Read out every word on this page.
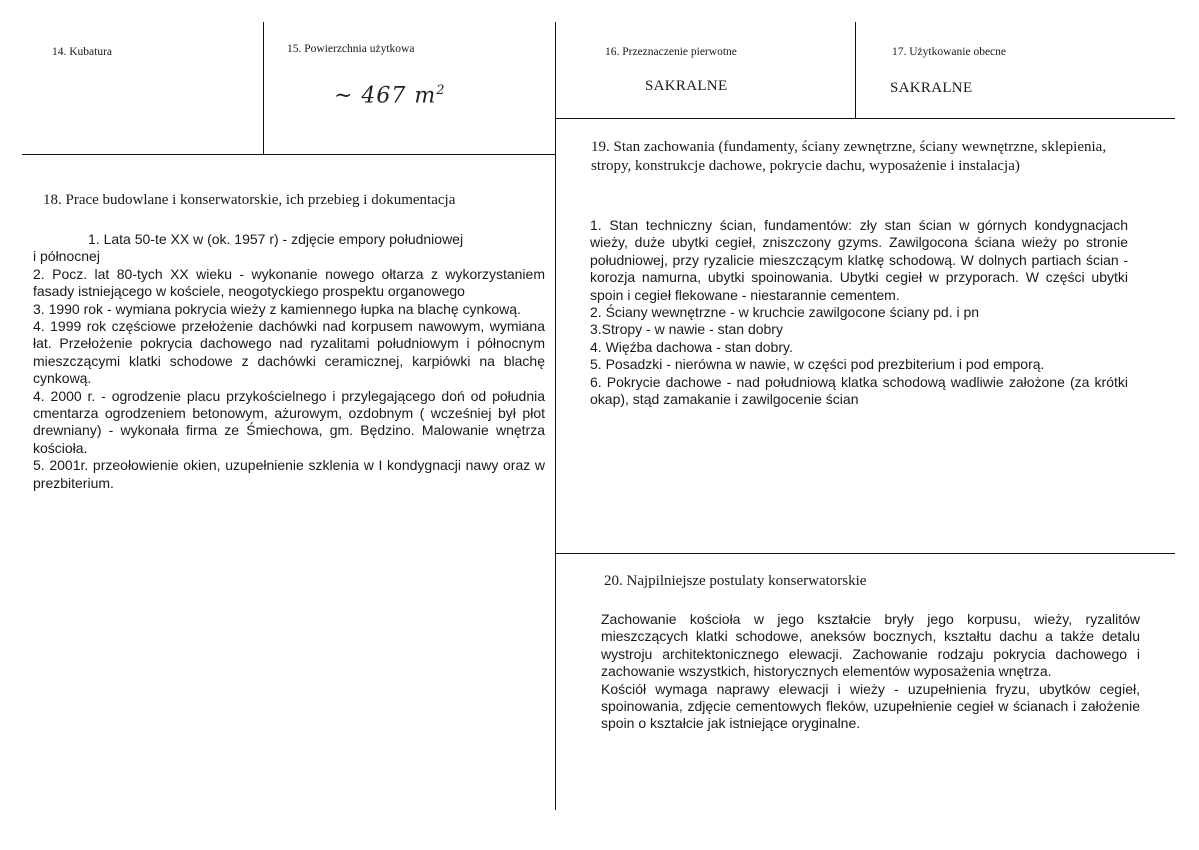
14. Kubatura	15. Powierzchnia użytkowa
~ 467 $m^2$
16. Przeznaczenie pierwotne
SAKRALNE
17. Użytkowanie obecne
SAKRALNE
18. Prace budowlane i konserwatorskie, ich przebieg i dokumentacja

1. Lata 50-te XX w (ok. 1957 r) - zdjęcie empory południowej

i północnej

2. Pocz. lat 80-tych XX wieku - wykonanie nowego ołtarza z wykorzystaniem fasady istniejącego w kościele, neogotyckiego prospektu organowego

3. 1990 rok - wymiana pokrycia wieży z kamiennego łupka na blachę cynkową.

4. 1999 rok częściowe przełożenie dachówki nad korpusem nawowym, wymiana łat. Przełożenie pokrycia dachowego nad ryzalitami południowym i północnym mieszczącymi klatki schodowe z dachówki ceramicznej, karpiówki na blachę cynkową.

4. 2000 r. - ogrodzenie placu przykościelnego i przylegającego doń od południa cmentarza ogrodzeniem betonowym, ażurowym, ozdobnym ( wcześniej był płot drewniany) - wykonała firma ze Śmiechowa, gm. Będzino. Malowanie wnętrza kościoła.

5. 2001r. przeołowienie okien, uzupełnienie szklenia w I kondygnacji nawy oraz w prezbiterium.

19. Stan zachowania (fundamenty, ściany zewnętrzne, ściany wewnętrzne, sklepienia, stropy, konstrukcje dachowe, pokrycie dachu, wyposażenie i instalacja)

1. Stan techniczny ścian, fundamentów: zły stan ścian w górnych kondygnacjach wieży, duże ubytki cegieł, zniszczony gzyms. Zawilgocona ściana wieży po stronie południowej, przy ryzalicie mieszczącym klatkę schodową. W dolnych partiach ścian - korozja namurna, ubytki spoinowania. Ubytki cegieł w przyporach. W części ubytki spoin i cegieł flekowane - niestarannie cementem.

2. Ściany wewnętrzne - w kruchcie zawilgocone ściany pd. i pn

3.Stropy - w nawie - stan dobry

4. Więźba dachowa - stan dobry.

5. Posadzki - nierówna w nawie, w części pod prezbiterium i pod emporą.

6. Pokrycie dachowe - nad południową klatka schodową wadliwie założone (za krótki okap), stąd zamakanie i zawilgocenie ścian

20. Najpilniejsze postulaty konserwatorskie

Zachowanie kościoła w jego kształcie bryły jego korpusu, wieży, ryzalitów mieszczących klatki schodowe, aneksów bocznych, kształtu dachu a także detalu wystroju architektonicznego elewacji. Zachowanie rodzaju pokrycia dachowego i zachowanie wszystkich, historycznych elementów wyposażenia wnętrza.

Kościół wymaga naprawy elewacji i wieży - uzupełnienia fryzu, ubytków cegieł, spoinowania, zdjęcie cementowych fleków, uzupełnienie cegieł w ścianach i założenie spoin o kształcie jak istniejące oryginalne.
